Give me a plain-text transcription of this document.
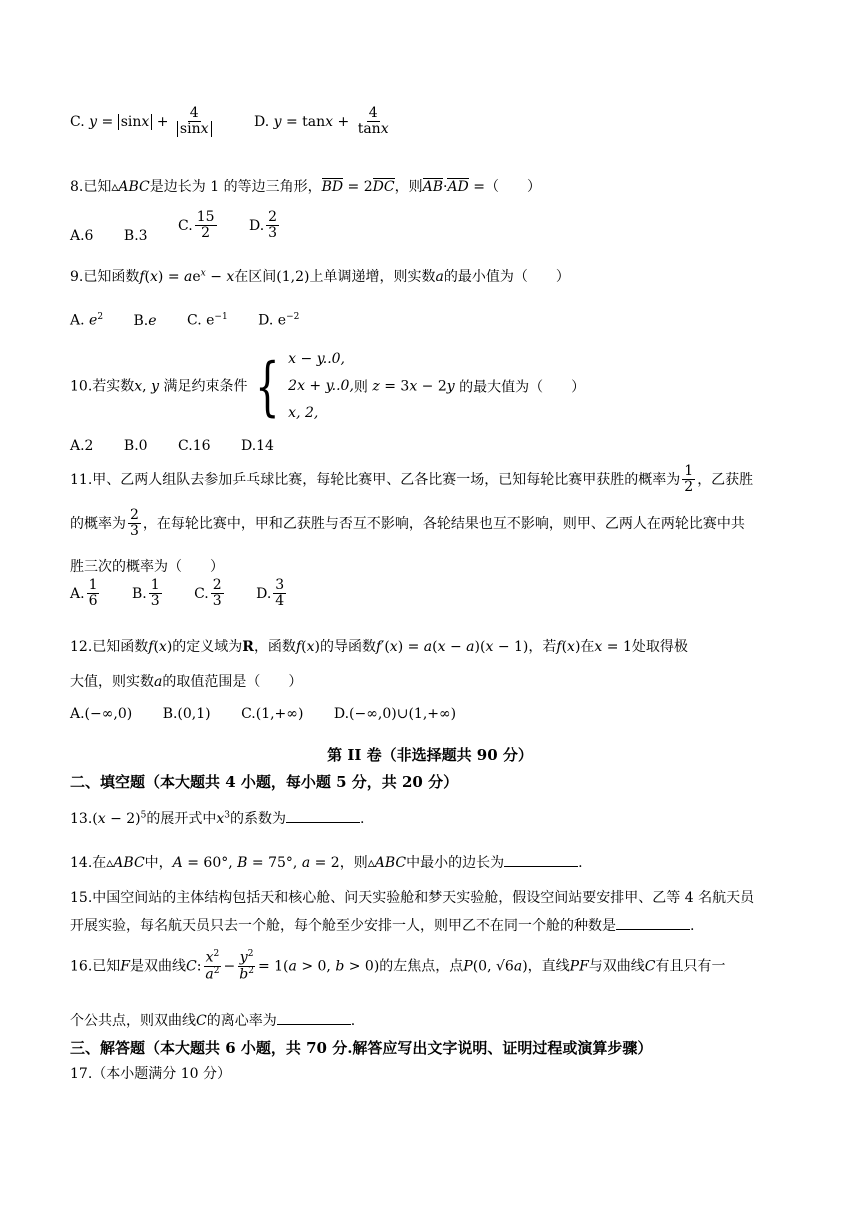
C. $y = \sin x + \frac{4}{\sin x}$	D. $y = \tan x + \frac{4}{\tan x}$
8.已知▵ABC是边长为 1 的等边三角形，BD = 2DC，则AB·AD =（　　）
A.6 B.3 C. $\frac{15}{2} D$. $\frac{2}{3}$
9.已知函数$f(x) = ae^x - x$在区间(1,2)上单调递增，则实数a的最小值为（　　）
A. $e^2$ B.e C. $e^{-1}$ D. $e^{-2}$
10.若实数x, y 满足约束条件 { x − y..0,
2x + y..0,
x, 2,
则 z = 3x − 2y 的最大值为（　　）
A.2 B.0 C.16 D.14
11.甲、乙两人组队去参加乒乓球比赛，每轮比赛甲、乙各比赛一场，已知每轮比赛甲获胜的概率为 $\frac{1}{2}$ ，乙获胜
的概率为 $\frac{2}{3}$ ，在每轮比赛中，甲和乙获胜与否互不影响，各轮结果也互不影响，则甲、乙两人在两轮比赛中共
胜三次的概率为（　　）
A. $\frac{1}{6} B$. $\frac{1}{3} C$. $\frac{2}{3} D$. $\frac{3}{4}$
12.已知函数f(x)的定义域为R，函数f(x)的导函数f′(x) = a(x − a)(x − 1)，若f(x)在x = 1处取得极
大值，则实数a的取值范围是（　　）
A.(−∞,0) B.(0,1) C.(1,+∞) D.(−∞,0)∪(1,+∞)
第 II 卷（非选择题共 90 分）
二、填空题（本大题共 4 小题，每小题 5 分，共 20 分）
$13.(x - 2)^5$的展开式中$x^3$的系数为	.
14.在▵ABC中，A = 60°, B = 75°, a = 2，则▵ABC中最小的边长为	.
15.中国空间站的主体结构包括天和核心舱、问天实验舱和梦天实验舱，假设空间站要安排甲、乙等 4 名航天员
开展实验，每名航天员只去一个舱，每个舱至少安排一人，则甲乙不在同一个舱的种数是	.
16.已知F是双曲线C: $\frac{x^2}{a^2} - \frac{y^2}{b^2} = 1(a > 0$, b > 0)的左焦点，点P(0, √6a)，直线PF与双曲线C有且只有一
个公共点，则双曲线C的离心率为	.
三、解答题（本大题共 6 小题，共 70 分.解答应写出文字说明、证明过程或演算步骤）
17.（本小题满分 10 分）
